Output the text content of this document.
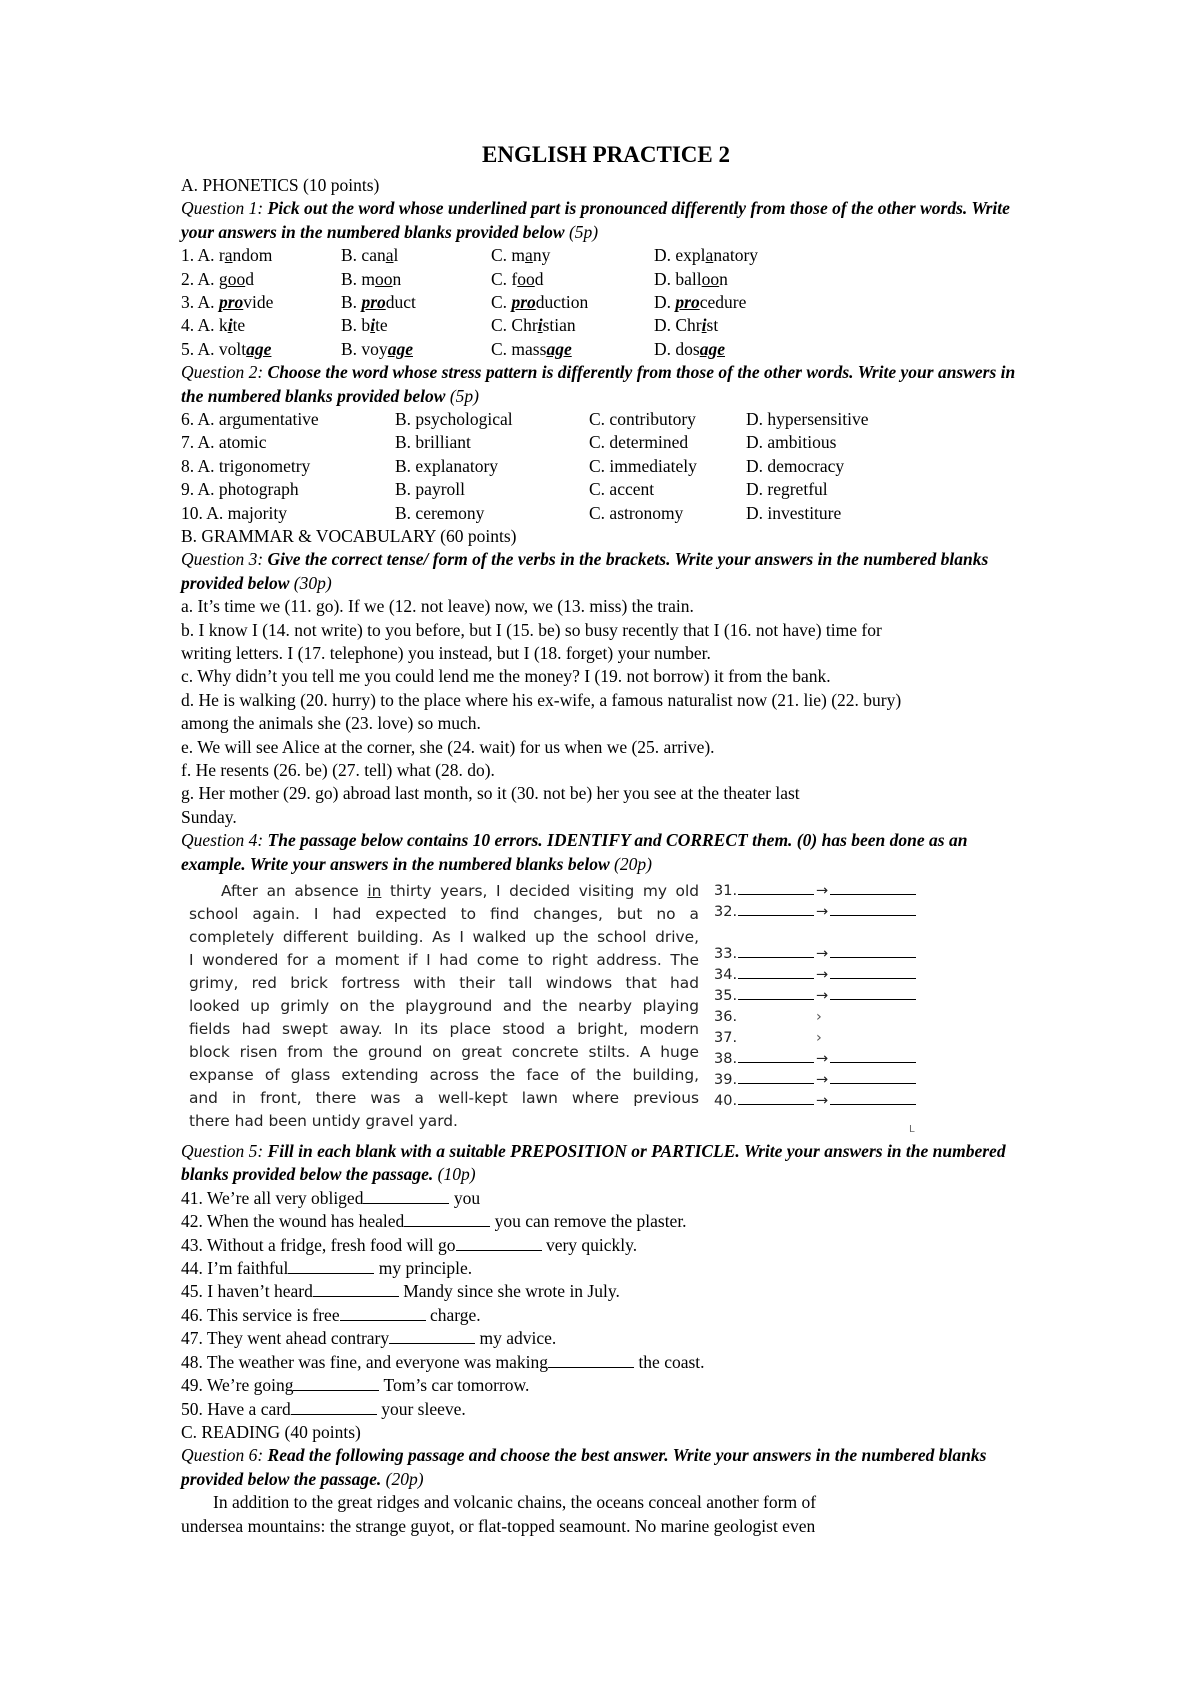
ENGLISH PRACTICE 2
A. PHONETICS (10 points)
Question 1: Pick out the word whose underlined part is pronounced differently from those of the other words. Write your answers in the numbered blanks provided below (5p)
1. A. random	B. canal	C. many	D. explanatory
2. A. good	B. moon	C. food	D. balloon
3. A. provide	B. product	C. production	D. procedure
4. A. kite	B. bite	C. Christian	D. Christ
5. A. voltage	B. voyage	C. massage	D. dosage
Question 2: Choose the word whose stress pattern is differently from those of the other words. Write your answers in the numbered blanks provided below (5p)
6. A. argumentative	B. psychological	C. contributory	D. hypersensitive
7. A. atomic	B. brilliant	C. determined	D. ambitious
8. A. trigonometry	B. explanatory	C. immediately	D. democracy
9. A. photograph	B. payroll	C. accent	D. regretful
10. A. majority	B. ceremony	C. astronomy	D. investiture
B. GRAMMAR & VOCABULARY (60 points)
Question 3: Give the correct tense/ form of the verbs in the brackets. Write your answers in the numbered blanks provided below (30p)
a. It’s time we (11. go). If we (12. not leave) now, we (13. miss) the train.
b. I know I (14. not write) to you before, but I (15. be) so busy recently that I (16. not have) time for
writing letters. I (17. telephone) you instead, but I (18. forget) your number.
c. Why didn’t you tell me you could lend me the money? I (19. not borrow) it from the bank.
d. He is walking (20. hurry) to the place where his ex-wife, a famous naturalist now (21. lie) (22. bury)
among the animals she (23. love) so much.
e. We will see Alice at the corner, she (24. wait) for us when we (25. arrive).
f. He resents (26. be) (27. tell) what (28. do).
g. Her mother (29. go) abroad last month, so it (30. not be) her you see at the theater last
Sunday.
Question 4: The passage below contains 10 errors. IDENTIFY and CORRECT them. (0) has been done as an example. Write your answers in the numbered blanks below (20p)
After an absence in thirty years, I decided visiting my old
school again. I had expected to find changes, but no a
completely different building. As I walked up the school drive,
I wondered for a moment if I had come to right address. The
grimy, red brick fortress with their tall windows that had
looked up grimly on the playground and the nearby playing
fields had swept away. In its place stood a bright, modern
block risen from the ground on great concrete stilts. A huge
expanse of glass extending across the face of the building,
and in front, there was a well-kept lawn where previous
there had been untidy gravel yard.
31.	→
32.	→
33.	→
34.	→
35.	→
36.	›
37.	›
38.	→
39.	→
40.	→
L
Question 5: Fill in each blank with a suitable PREPOSITION or PARTICLE. Write your answers in the numbered blanks provided below the passage. (10p)
41. We’re all very obliged	you
42. When the wound has healed	you can remove the plaster.
43. Without a fridge, fresh food will go	very quickly.
44. I’m faithful	my principle.
45. I haven’t heard	Mandy since she wrote in July.
46. This service is free	charge.
47. They went ahead contrary	my advice.
48. The weather was fine, and everyone was making	the coast.
49. We’re going	Tom’s car tomorrow.
50. Have a card	your sleeve.
C. READING (40 points)
Question 6: Read the following passage and choose the best answer. Write your answers in the numbered blanks provided below the passage. (20p)
In addition to the great ridges and volcanic chains, the oceans conceal another form of
undersea mountains: the strange guyot, or flat-topped seamount. No marine geologist even
